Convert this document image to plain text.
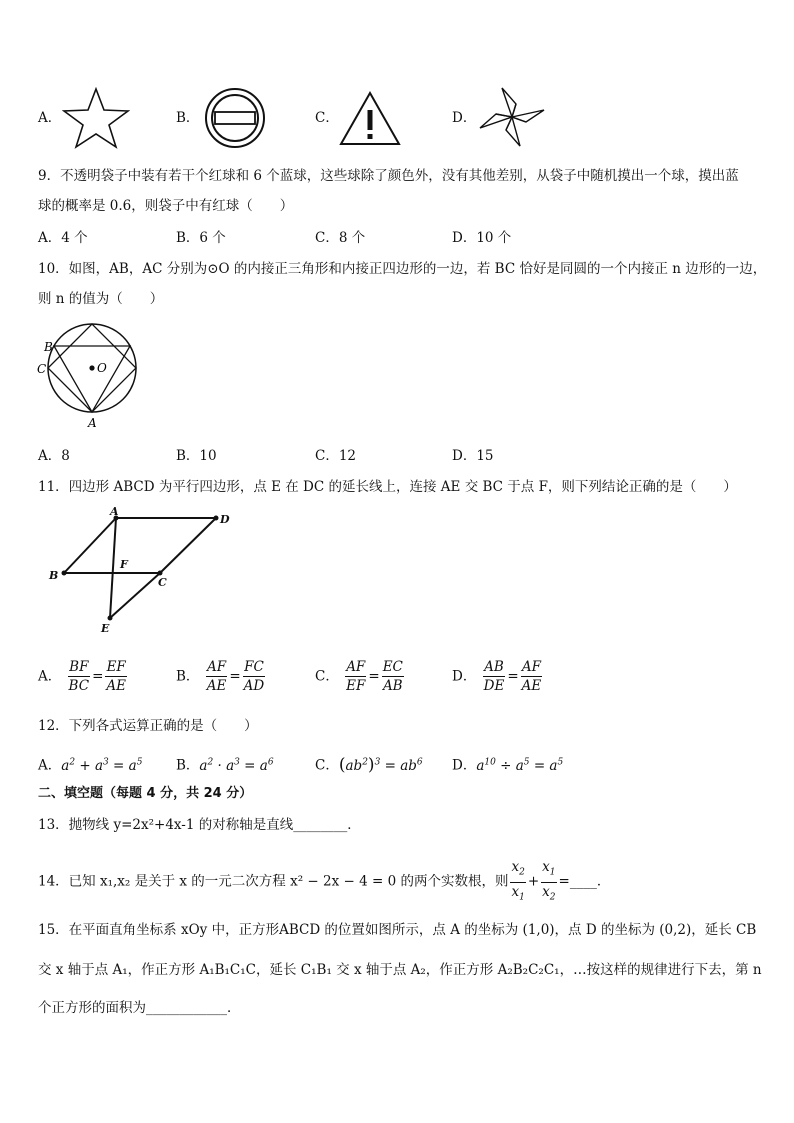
A．	B．	C．	D．
9．不透明袋子中装有若干个红球和 6 个蓝球，这些球除了颜色外，没有其他差别，从袋子中随机摸出一个球，摸出蓝
球的概率是 0.6，则袋子中有红球（　　）
A．4 个	B．6 个	C．8 个	D．10 个
10．如图，AB，AC 分别为⊙O 的内接正三角形和内接正四边形的一边，若 BC 恰好是同圆的一个内接正 n 边形的一边，
则 n 的值为（　　）
B
C	O
A
A．8	B．10	C．12	D．15
11．四边形 ABCD 为平行四边形，点 E 在 DC 的延长线上，连接 AE 交 BC 于点 F，则下列结论正确的是（　　）
A
D
F
B
C
E
A． $\frac{BF}{BC} = \frac{EF}{AE}$	B． $\frac{AF}{AE} = \frac{FC}{AD}$	C． $\frac{AF}{EF} = \frac{EC}{AB}$	D． $\frac{AB}{DE} = \frac{AF}{AE}$
12．下列各式运算正确的是（　　）
A．$a^2 + a^3 = a^5$ B．$a^2 \cdot a^3 = a^6$	C．$(ab^2)^3 = ab^6$ D．$a^{10} \div a^5 = a^5$
二、填空题（每题 4 分，共 24 分）
13．抛物线 y=2x²+4x-1 的对称轴是直线________．
14．已知 x₁,x₂ 是关于 x 的一元二次方程 x² − 2x − 4 = 0 的两个实数根，则 $\frac{x_2}{x_1} + \frac{x_1}{x_2}$ =____．
15．在平面直角坐标系 xOy 中，正方形ABCD 的位置如图所示，点 A 的坐标为 (1,0)，点 D 的坐标为 (0,2)，延长 CB
交 x 轴于点 A₁，作正方形 A₁B₁C₁C，延长 C₁B₁ 交 x 轴于点 A₂，作正方形 A₂B₂C₂C₁，…按这样的规律进行下去，第 n
个正方形的面积为____________．
